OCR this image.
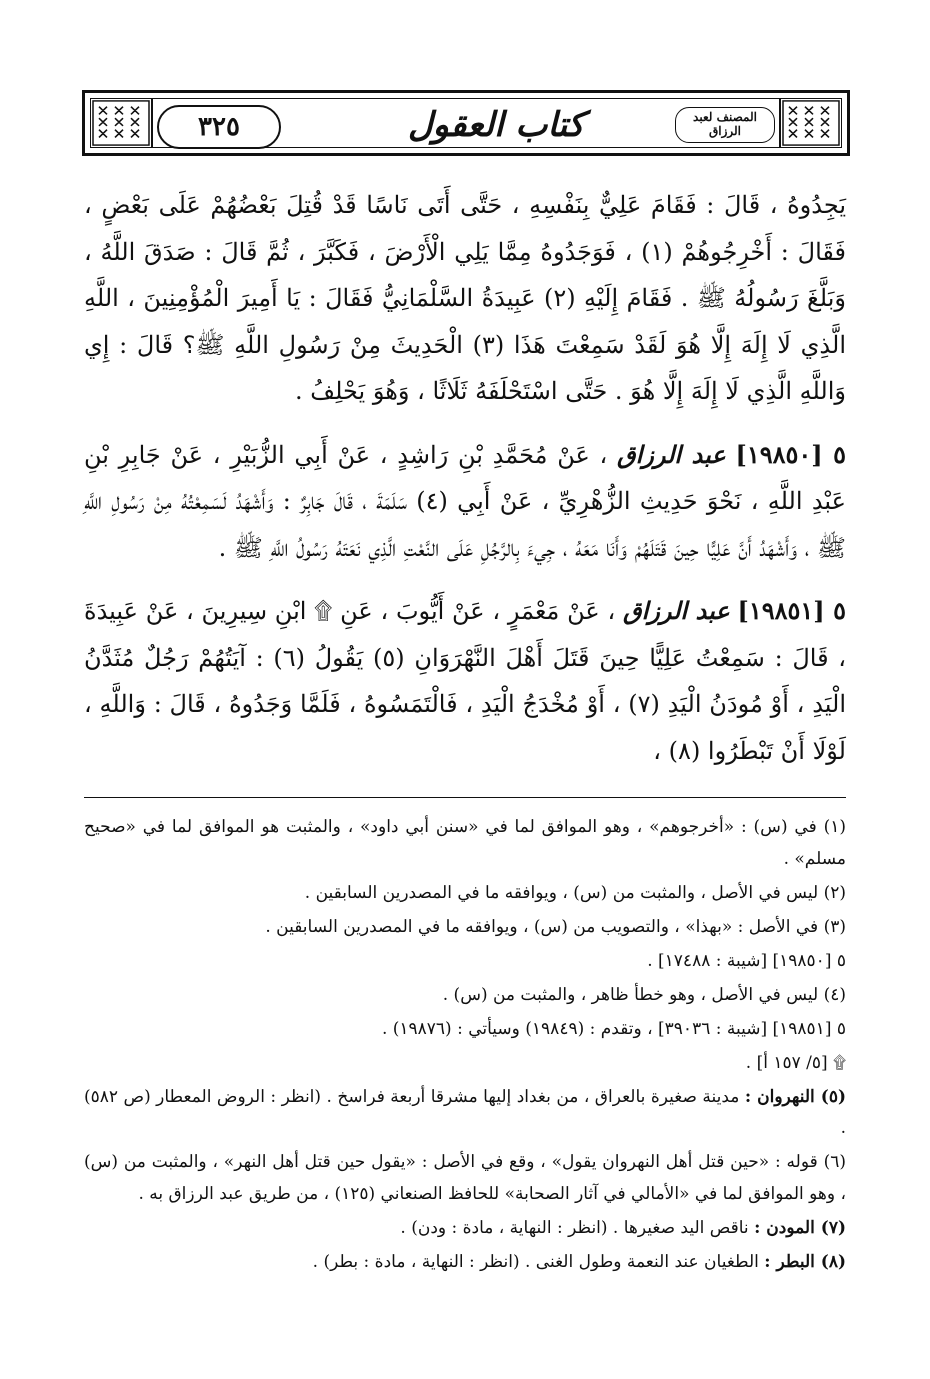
٣٢٥	كتاب العقول	المصنف لعبد الرزاق

يَجِدُوهُ ، قَالَ : فَقَامَ عَلِيٌّ بِنَفْسِهِ ، حَتَّى أَتَى نَاسًا قَدْ قُتِلَ بَعْضُهُمْ عَلَى بَعْضٍ ، فَقَالَ : أَخْرِجُوهُمْ (١) ، فَوَجَدُوهُ مِمَّا يَلِي الْأَرْضَ ، فَكَبَّرَ ، ثُمَّ قَالَ : صَدَقَ اللَّهُ ، وَبَلَّغَ رَسُولُهُ ﷺ . فَقَامَ إِلَيْهِ (٢) عَبِيدَةُ السَّلْمَانِيُّ فَقَالَ : يَا أَمِيرَ الْمُؤْمِنِينَ ، اللَّهِ الَّذِي لَا إِلَهَ إِلَّا هُوَ لَقَدْ سَمِعْتَ هَذَا (٣) الْحَدِيثَ مِنْ رَسُولِ اللَّهِ ﷺ؟ قَالَ : إِي وَاللَّهِ الَّذِي لَا إِلَهَ إِلَّا هُوَ . حَتَّى اسْتَحْلَفَهُ ثَلَاثًا ، وَهُوَ يَحْلِفُ .

٥ [١٩٨٥٠] عبد الرزاق ، عَنْ مُحَمَّدِ بْنِ رَاشِدٍ ، عَنْ أَبِي الزُّبَيْرِ ، عَنْ جَابِرِ بْنِ عَبْدِ اللَّهِ ، نَحْوَ حَدِيثِ الزُّهْرِيِّ ، عَنْ أَبِي (٤) سَلَمَةَ ، قَالَ جَابِرٌ : وَأَشْهَدُ لَسَمِعْتُهُ مِنْ رَسُولِ اللَّهِ ﷺ ، وَأَشْهَدُ أَنَّ عَلِيًّا حِينَ قَتَلَهُمْ وَأَنَا مَعَهُ ، جِيءَ بِالرَّجُلِ عَلَى النَّعْتِ الَّذِي نَعَتَهُ رَسُولُ اللَّهِ ﷺ .

٥ [١٩٨٥١] عبد الرزاق ، عَنْ مَعْمَرٍ ، عَنْ أَيُّوبَ ، عَنِ ۩ ابْنِ سِيرِينَ ، عَنْ عَبِيدَةَ ، قَالَ : سَمِعْتُ عَلِيًّا حِينَ قَتَلَ أَهْلَ النَّهْرَوَانِ (٥) يَقُولُ (٦) : آيَتُهُمْ رَجُلٌ مُثَدَّنُ الْيَدِ ، أَوْ مُودَنُ الْيَدِ (٧) ، أَوْ مُخْدَجُ الْيَدِ ، فَالْتَمَسُوهُ ، فَلَمَّا وَجَدُوهُ ، قَالَ : وَاللَّهِ ، لَوْلَا أَنْ تَبْطَرُوا (٨) ،

(١) في (س) : «أخرجوهم» ، وهو الموافق لما في «سنن أبي داود» ، والمثبت هو الموافق لما في «صحيح مسلم» .

(٢) ليس في الأصل ، والمثبت من (س) ، ويوافقه ما في المصدرين السابقين .

(٣) في الأصل : «بهذا» ، والتصويب من (س) ، ويوافقه ما في المصدرين السابقين .

٥ [١٩٨٥٠] [شيبة : ١٧٤٨٨] .

(٤) ليس في الأصل ، وهو خطأ ظاهر ، والمثبت من (س) .

٥ [١٩٨٥١] [شيبة : ٣٩٠٣٦] ، وتقدم : (١٩٨٤٩) وسيأتي : (١٩٨٧٦) .

۩ [٥/ ١٥٧ أ] .

(٥) النهروان : مدينة صغيرة بالعراق ، من بغداد إليها مشرقا أربعة فراسخ . (انظر : الروض المعطار (ص ٥٨٢) .

(٦) قوله : «حين قتل أهل النهروان يقول» ، وقع في الأصل : «يقول حين قتل أهل النهر» ، والمثبت من (س) ، وهو الموافق لما في «الأمالي في آثار الصحابة» للحافظ الصنعاني (١٢٥) ، من طريق عبد الرزاق به .

(٧) المودن : ناقص اليد صغيرها . (انظر : النهاية ، مادة : ودن) .

(٨) البطر : الطغيان عند النعمة وطول الغنى . (انظر : النهاية ، مادة : بطر) .
